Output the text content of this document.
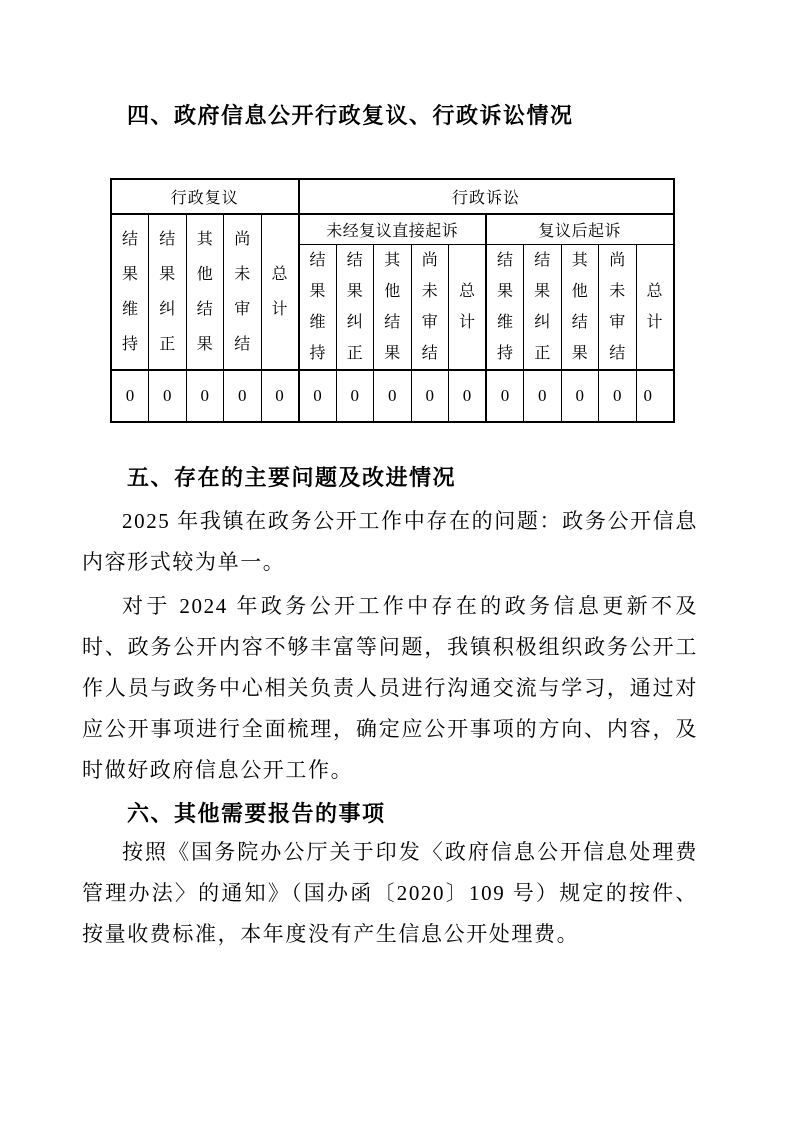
四、政府信息公开行政复议、行政诉讼情况
行政复议					行政诉讼									
结果维持	结果纠正	其他结果	尚未审结	总计	未经复议直接起诉					复议后起诉				
					结果维持	结果纠正	其他结果	尚未审结	总计	结果维持	结果纠正	其他结果	尚未审结	总计
0	0	0	0	0	0	0	0	0	0	0	0	0	0	0
五、存在的主要问题及改进情况

2025 年我镇在政务公开工作中存在的问题：政务公开信息内容形式较为单一。

对于 2024 年政务公开工作中存在的政务信息更新不及时、政务公开内容不够丰富等问题，我镇积极组织政务公开工作人员与政务中心相关负责人员进行沟通交流与学习，通过对应公开事项进行全面梳理，确定应公开事项的方向、内容，及时做好政府信息公开工作。

六、其他需要报告的事项

按照《国务院办公厅关于印发〈政府信息公开信息处理费管理办法〉的通知》（国办函〔2020〕109 号）规定的按件、按量收费标准，本年度没有产生信息公开处理费。
